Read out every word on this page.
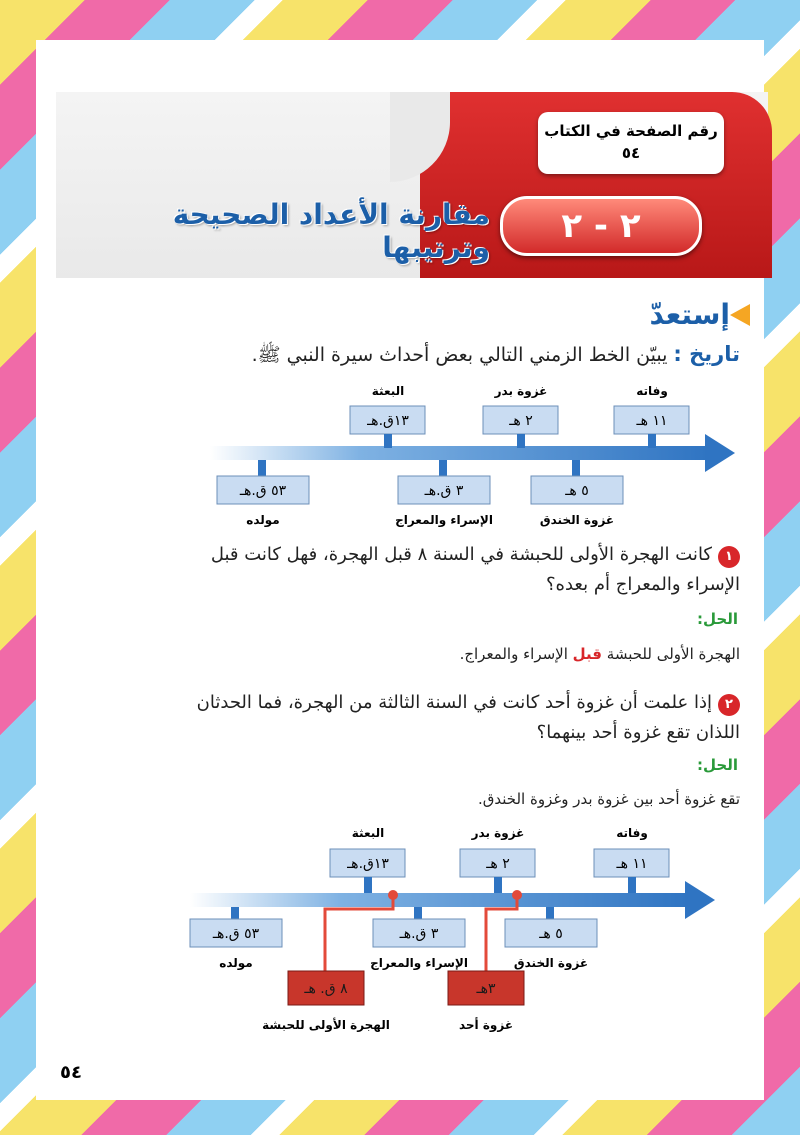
رقم الصفحة في الكتاب
٥٤
٢ - ٢
مقارنة الأعداد الصحيحة وترتيبها
إستعدّ
تاريخ : يبيّن الخط الزمني التالي بعض أحداث سيرة النبي ﷺ.
البعثة
١٣ق.هـ
غزوة بدر
٢ هـ
وفاته
١١ هـ
٥٣ ق.هـ
مولده
٣ ق.هـ
الإسراء والمعراج
٥ هـ
غزوة الخندق
١كانت الهجرة الأولى للحبشة في السنة ٨ قبل الهجرة، فهل كانت قبل الإسراء والمعراج أم بعده؟
الحل:
الهجرة الأولى للحبشة قبل الإسراء والمعراج.
٢إذا علمت أن غزوة أحد كانت في السنة الثالثة من الهجرة، فما الحدثان اللذان تقع غزوة أحد بينهما؟
الحل:
تقع غزوة أحد بين غزوة بدر وغزوة الخندق.
البعثة
١٣ق.هـ
غزوة بدر
٢ هـ
وفاته
١١ هـ
٥٣ ق.هـ
مولده
٣ ق.هـ
الإسراء والمعراج
٥ هـ
غزوة الخندق
٨ ق. هـ
الهجرة الأولى للحبشة
٣هـ
غزوة أحد
٥٤
